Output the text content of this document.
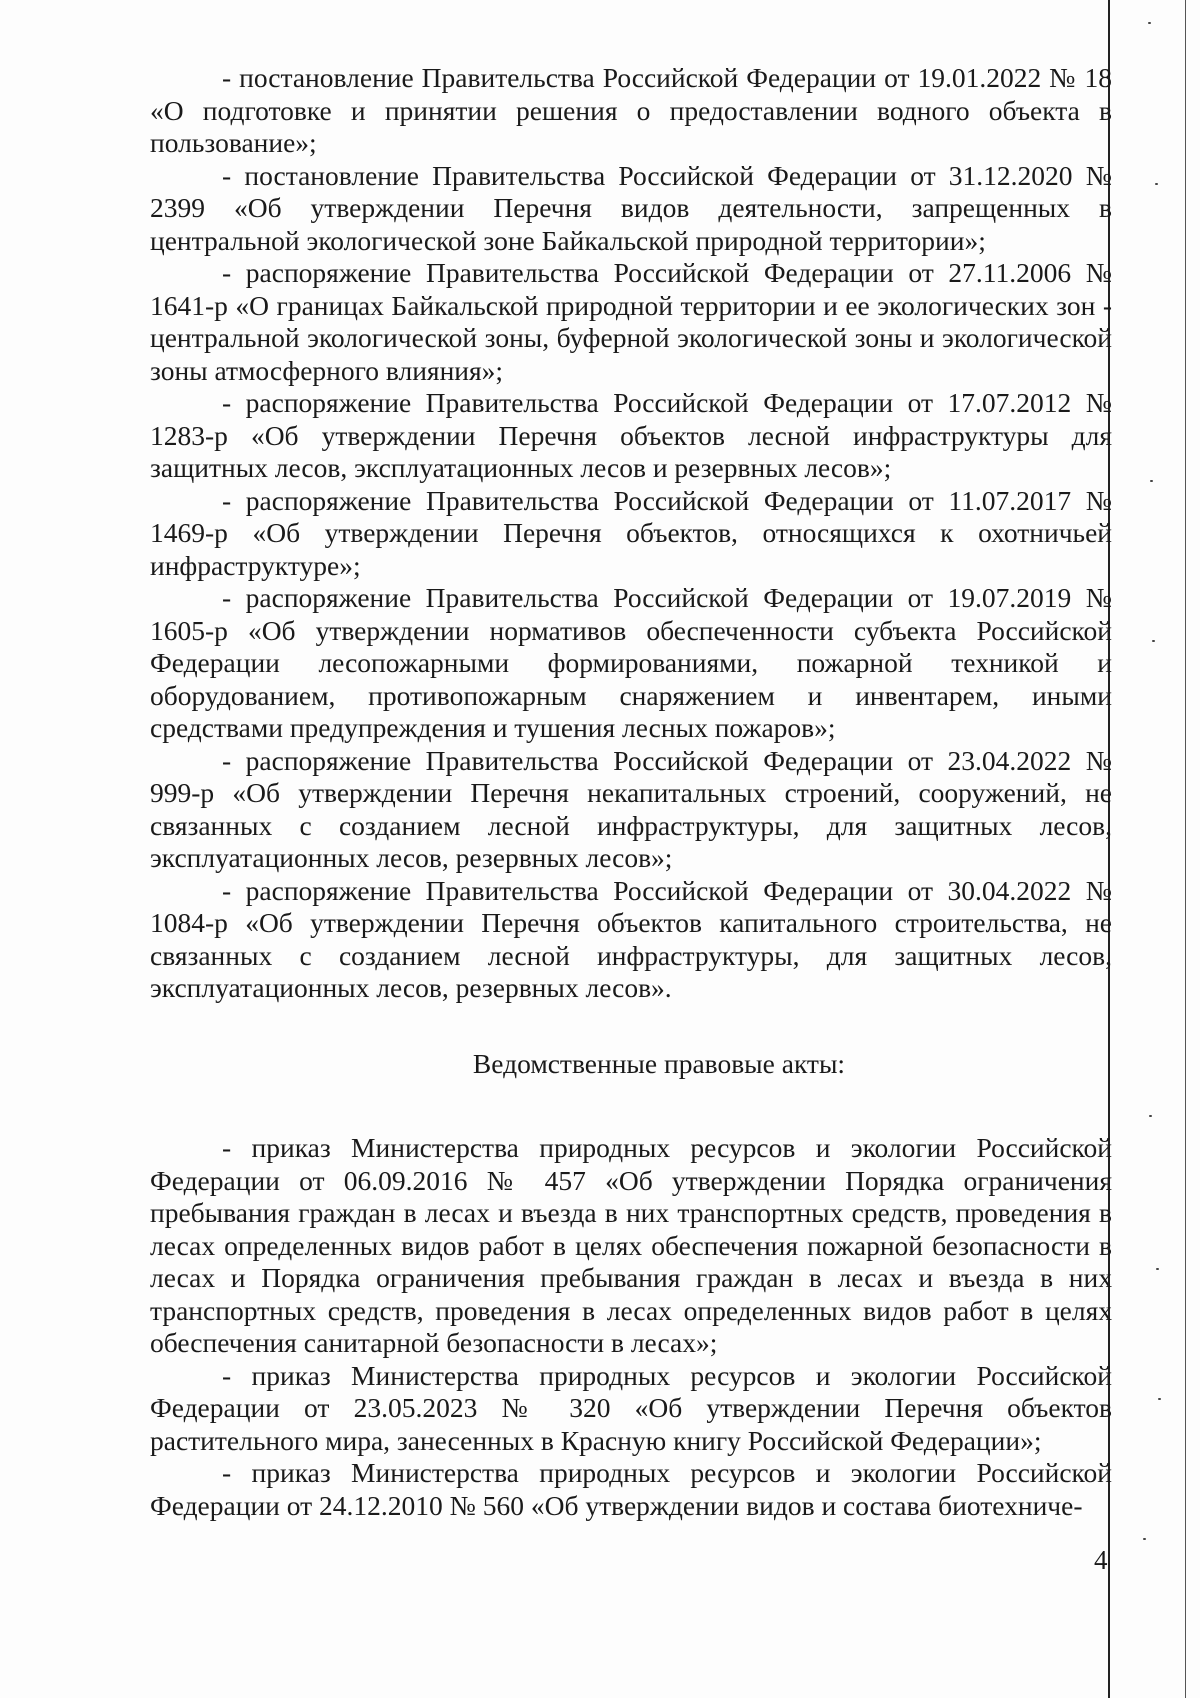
- постановление Правительства Российской Федерации от 19.01.2022 № 18 «О подготовке и принятии решения о предоставлении водного объекта в пользование»;

- постановление Правительства Российской Федерации от 31.12.2020 № 2399 «Об утверждении Перечня видов деятельности, запрещенных в центральной экологической зоне Байкальской природной территории»;

- распоряжение Правительства Российской Федерации от 27.11.2006 № 1641-р «О границах Байкальской природной территории и ее экологических зон - центральной экологической зоны, буферной экологической зоны и экологической зоны атмосферного влияния»;

- распоряжение Правительства Российской Федерации от 17.07.2012 № 1283-р «Об утверждении Перечня объектов лесной инфраструктуры для защитных лесов, эксплуатационных лесов и резервных лесов»;

- распоряжение Правительства Российской Федерации от 11.07.2017 № 1469-р «Об утверждении Перечня объектов, относящихся к охотничьей инфраструктуре»;

- распоряжение Правительства Российской Федерации от 19.07.2019 № 1605-р «Об утверждении нормативов обеспеченности субъекта Российской Федерации лесопожарными формированиями, пожарной техникой и оборудованием, противопожарным снаряжением и инвентарем, иными средствами предупреждения и тушения лесных пожаров»;

- распоряжение Правительства Российской Федерации от 23.04.2022 № 999-р «Об утверждении Перечня некапитальных строений, сооружений, не связанных с созданием лесной инфраструктуры, для защитных лесов, эксплуатационных лесов, резервных лесов»;

- распоряжение Правительства Российской Федерации от 30.04.2022 № 1084-р «Об утверждении Перечня объектов капитального строительства, не связанных с созданием лесной инфраструктуры, для защитных лесов, эксплуатационных лесов, резервных лесов».

Ведомственные правовые акты:

- приказ Министерства природных ресурсов и экологии Российской Федерации от 06.09.2016 № 457 «Об утверждении Порядка ограничения пребывания граждан в лесах и въезда в них транспортных средств, проведения в лесах определенных видов работ в целях обеспечения пожарной безопасности в лесах и Порядка ограничения пребывания граждан в лесах и въезда в них транспортных средств, проведения в лесах определенных видов работ в целях обеспечения санитарной безопасности в лесах»;

- приказ Министерства природных ресурсов и экологии Российской Федерации от 23.05.2023 № 320 «Об утверждении Перечня объектов растительного мира, занесенных в Красную книгу Российской Федерации»;

- приказ Министерства природных ресурсов и экологии Российской Федерации от 24.12.2010 № 560 «Об утверждении видов и состава биотехниче-

4
